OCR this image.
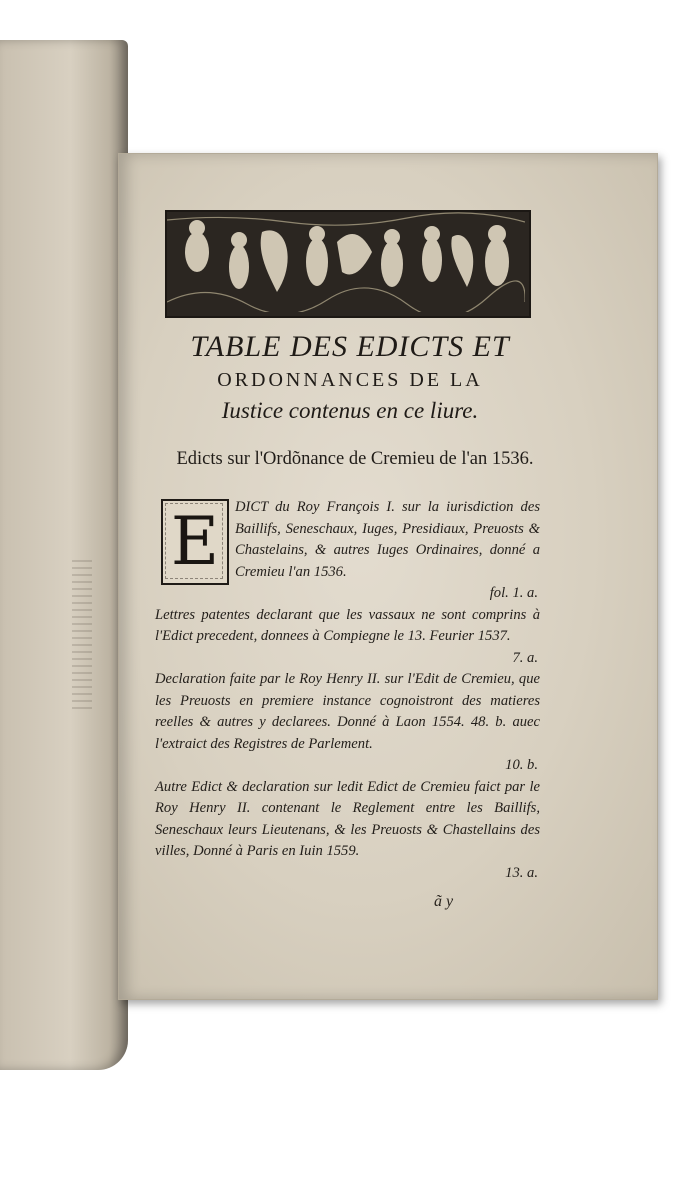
TABLE DES EDICTS ET
ORDONNANCES DE LA
Iustice contenus en ce liure.
Edicts sur l'Ordõnance de Cremieu de l'an 1536.
E	DICT du Roy François I. sur la iurisdiction des Baillifs, Seneschaux, Iuges, Presidiaux, Preuosts & Chastelains, & autres Iuges Ordinaires, donné a Cremieu l'an 1536.
fol. 1. a.
Lettres patentes declarant que les vassaux ne sont comprins à l'Edict precedent, donnees à Compiegne le 13. Feurier 1537.
7. a.
Declaration faite par le Roy Henry II. sur l'Edit de Cremieu, que les Preuosts en premiere instance cognoistront des matieres reelles & autres y declarees. Donné à Laon 1554. 48. b. auec l'extraict des Registres de Parlement.
10. b.
Autre Edict & declaration sur ledit Edict de Cremieu faict par le Roy Henry II. contenant le Reglement entre les Baillifs, Seneschaux leurs Lieutenans, & les Preuosts & Chastellains des villes, Donné à Paris en Iuin 1559.
13. a.
ã y
